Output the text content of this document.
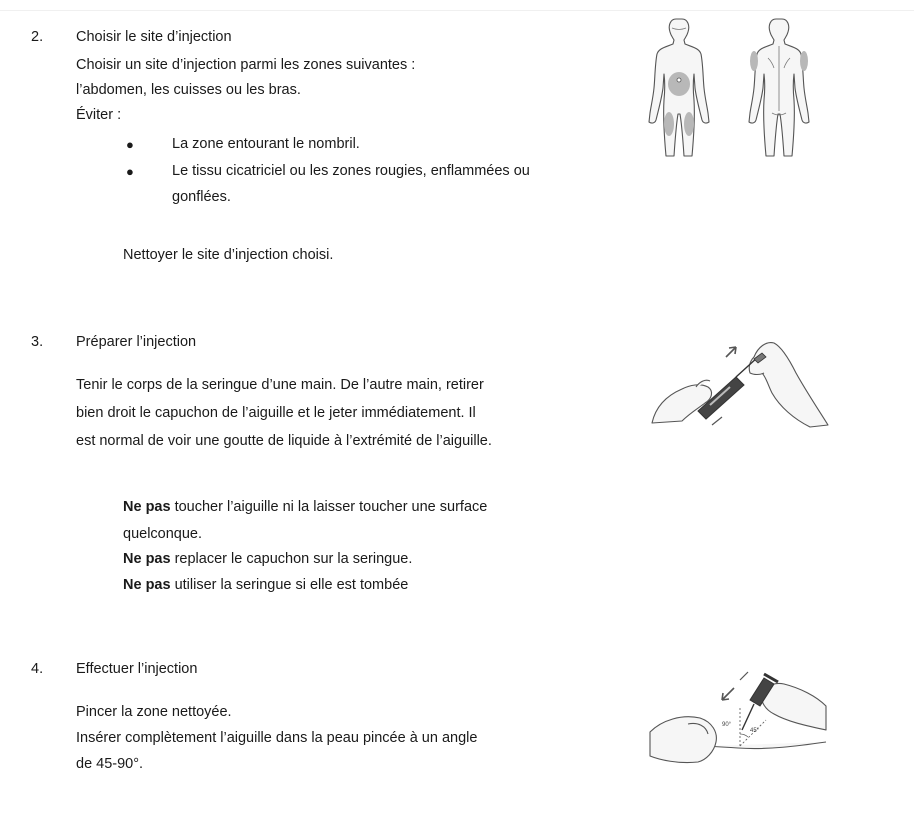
2. Choisir le site d’injection
Choisir un site d’injection parmi les zones suivantes :
l’abdomen, les cuisses ou les bras.
Éviter :
●	La zone entourant le nombril.
●	Le tissu cicatriciel ou les zones rougies, enflammées ou
gonflées.
Nettoyer le site d’injection choisi.
3. Préparer l’injection
Tenir le corps de la seringue d’une main. De l’autre main, retirer
bien droit le capuchon de l’aiguille et le jeter immédiatement. Il
est normal de voir une goutte de liquide à l’extrémité de l’aiguille.
Ne pas toucher l’aiguille ni la laisser toucher une surface
quelconque.
Ne pas replacer le capuchon sur la seringue.
Ne pas utiliser la seringue si elle est tombée
4. Effectuer l’injection
Pincer la zone nettoyée.
Insérer complètement l’aiguille dans la peau pincée à un angle
de 45-90°.
90°
45°
